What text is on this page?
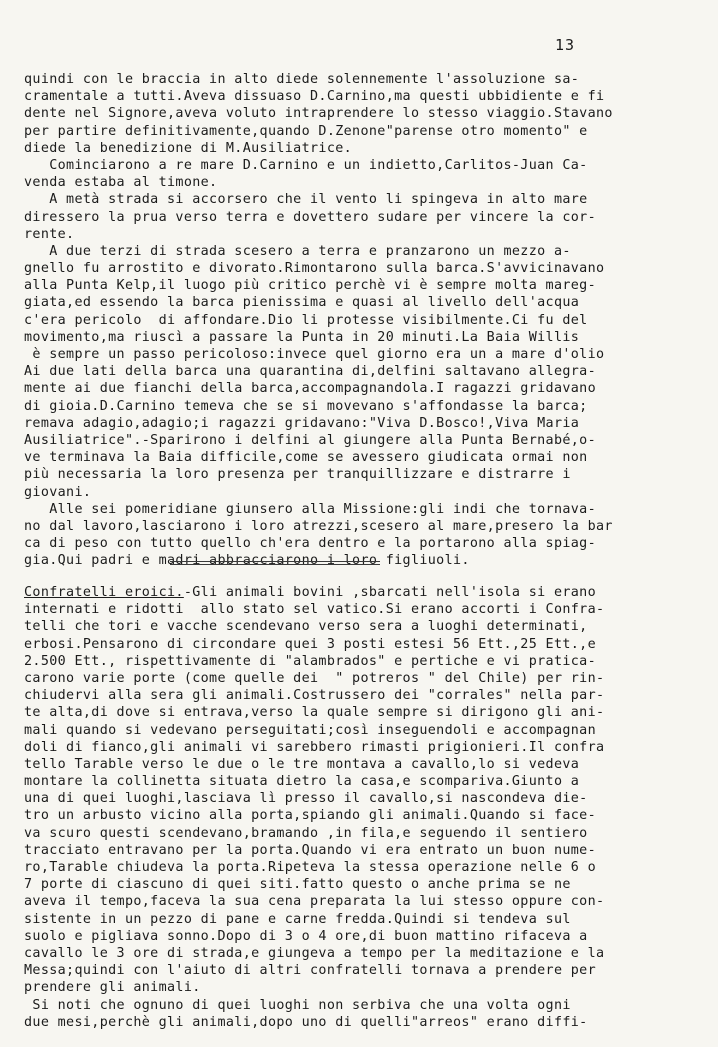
13
quindi con le braccia in alto diede solennemente l'assoluzione sa-
cramentale a tutti.Aveva dissuaso D.Carnino,ma questi ubbidiente e fi
dente nel Signore,aveva voluto intraprendere lo stesso viaggio.Stavano
per partire definitivamente,quando D.Zenone"parense otro momento" e
diede la benedizione di M.Ausiliatrice.
Cominciarono a re mare D.Carnino e un indietto,Carlitos-Juan Ca-
venda estaba al timone.
A metà strada si accorsero che il vento li spingeva in alto mare
diressero la prua verso terra e dovettero sudare per vincere la cor-
rente.
A due terzi di strada scesero a terra e pranzarono un mezzo a-
gnello fu arrostito e divorato.Rimontarono sulla barca.S'avvicinavano
alla Punta Kelp,il luogo più critico perchè vi è sempre molta mareg-
giata,ed essendo la barca pienissima e quasi al livello dell'acqua
c'era pericolo  di affondare.Dio li protesse visibilmente.Ci fu del
movimento,ma riuscì a passare la Punta in 20 minuti.La Baia Willis
è sempre un passo pericoloso:invece quel giorno era un a mare d'olio
Ai due lati della barca una quarantina di,delfini saltavano allegra-
mente ai due fianchi della barca,accompagnandola.I ragazzi gridavano
di gioia.D.Carnino temeva che se si movevano s'affondasse la barca;
remava adagio,adagio;i ragazzi gridavano:"Viva D.Bosco!,Viva Maria
Ausiliatrice".-Sparirono i delfini al giungere alla Punta Bernabé,o-
ve terminava la Baia difficile,come se avessero giudicata ormai non
più necessaria la loro presenza per tranquillizzare e distrarre i
giovani.
Alle sei pomeridiane giunsero alla Missione:gli indi che tornava-
no dal lavoro,lasciarono i loro atrezzi,scesero al mare,presero la bar
ca di peso con tutto quello ch'era dentro e la portarono alla spiag-
gia.Qui padri e madri abbracciarono i loro figliuoli.
Confratelli eroici.-Gli animali bovini ,sbarcati nell'isola si erano
internati e ridotti  allo stato sel vatico.Si erano accorti i Confra-
telli che tori e vacche scendevano verso sera a luoghi determinati,
erbosi.Pensarono di circondare quei 3 posti estesi 56 Ett.,25 Ett.,e
2.500 Ett., rispettivamente di "alambrados" e pertiche e vi pratica-
carono varie porte (come quelle dei  " potreros " del Chile) per rin-
chiudervi alla sera gli animali.Costrussero dei "corrales" nella par-
te alta,di dove si entrava,verso la quale sempre si dirigono gli ani-
mali quando si vedevano perseguitati;così inseguendoli e accompagnan
doli di fianco,gli animali vi sarebbero rimasti prigionieri.Il confra
tello Tarable verso le due o le tre montava a cavallo,lo si vedeva
montare la collinetta situata dietro la casa,e scompariva.Giunto a
una di quei luoghi,lasciava lì presso il cavallo,si nascondeva die-
tro un arbusto vicino alla porta,spiando gli animali.Quando si face-
va scuro questi scendevano,bramando ,in fila,e seguendo il sentiero
tracciato entravano per la porta.Quando vi era entrato un buon nume-
ro,Tarable chiudeva la porta.Ripeteva la stessa operazione nelle 6 o
7 porte di ciascuno di quei siti.fatto questo o anche prima se ne
aveva il tempo,faceva la sua cena preparata la lui stesso oppure con-
sistente in un pezzo di pane e carne fredda.Quindi si tendeva sul
suolo e pigliava sonno.Dopo di 3 o 4 ore,di buon mattino rifaceva a
cavallo le 3 ore di strada,e giungeva a tempo per la meditazione e la
Messa;quindi con l'aiuto di altri confratelli tornava a prendere per
prendere gli animali.
Si noti che ognuno di quei luoghi non serbiva che una volta ogni
due mesi,perchè gli animali,dopo uno di quelli"arreos" erano diffi-
